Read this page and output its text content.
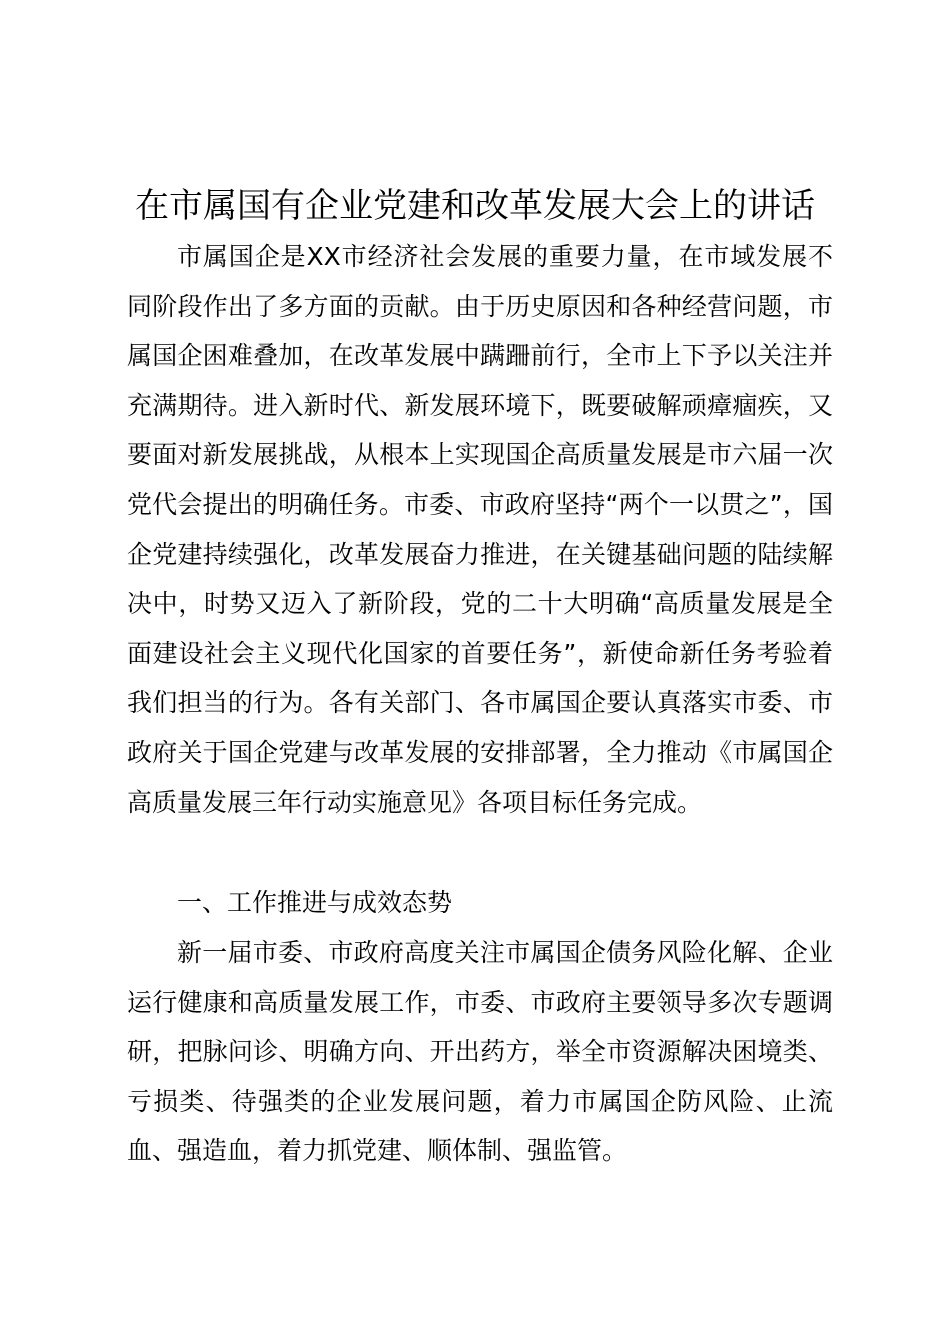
在市属国有企业党建和改革发展大会上的讲话

市属国企是XX市经济社会发展的重要力量，在市域发展不同阶段作出了多方面的贡献。由于历史原因和各种经营问题，市属国企困难叠加，在改革发展中蹒跚前行，全市上下予以关注并充满期待。进入新时代、新发展环境下，既要破解顽瘴痼疾，又要面对新发展挑战，从根本上实现国企高质量发展是市六届一次党代会提出的明确任务。市委、市政府坚持“两个一以贯之”，国企党建持续强化，改革发展奋力推进，在关键基础问题的陆续解决中，时势又迈入了新阶段，党的二十大明确“高质量发展是全面建设社会主义现代化国家的首要任务”，新使命新任务考验着我们担当的行为。各有关部门、各市属国企要认真落实市委、市政府关于国企党建与改革发展的安排部署，全力推动《市属国企高质量发展三年行动实施意见》各项目标任务完成。

一、工作推进与成效态势

新一届市委、市政府高度关注市属国企债务风险化解、企业运行健康和高质量发展工作，市委、市政府主要领导多次专题调研，把脉问诊、明确方向、开出药方，举全市资源解决困境类、亏损类、待强类的企业发展问题，着力市属国企防风险、止流血、强造血，着力抓党建、顺体制、强监管。
